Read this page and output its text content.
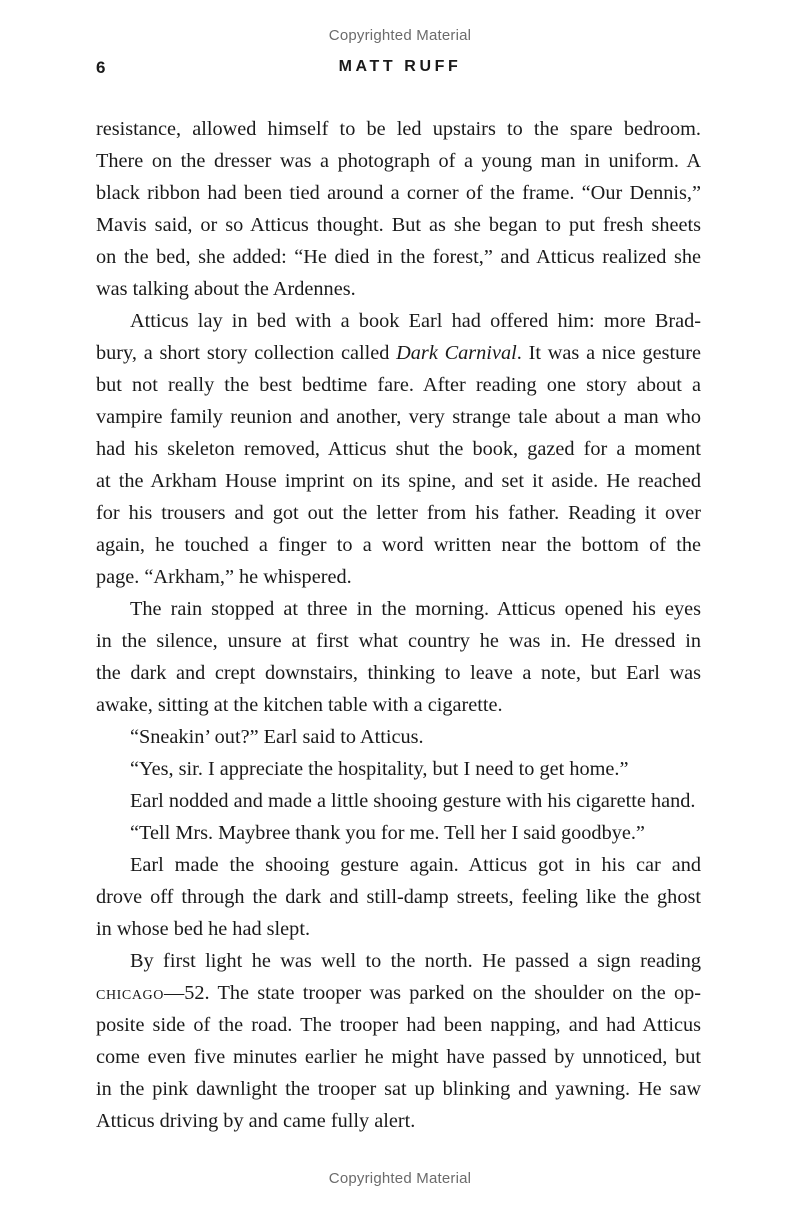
Copyrighted Material
6	MATT RUFF
resistance, allowed himself to be led upstairs to the spare bedroom.
There on the dresser was a photograph of a young man in uniform. A
black ribbon had been tied around a corner of the frame. “Our Dennis,”
Mavis said, or so Atticus thought. But as she began to put fresh sheets
on the bed, she added: “He died in the forest,” and Atticus realized she
was talking about the Ardennes.
Atticus lay in bed with a book Earl had offered him: more Brad-
bury, a short story collection called Dark Carnival. It was a nice gesture
but not really the best bedtime fare. After reading one story about a
vampire family reunion and another, very strange tale about a man who
had his skeleton removed, Atticus shut the book, gazed for a moment
at the Arkham House imprint on its spine, and set it aside. He reached
for his trousers and got out the letter from his father. Reading it over
again, he touched a finger to a word written near the bottom of the
page. “Arkham,” he whispered.
The rain stopped at three in the morning. Atticus opened his eyes
in the silence, unsure at first what country he was in. He dressed in
the dark and crept downstairs, thinking to leave a note, but Earl was
awake, sitting at the kitchen table with a cigarette.
“Sneakin’ out?” Earl said to Atticus.
“Yes, sir. I appreciate the hospitality, but I need to get home.”
Earl nodded and made a little shooing gesture with his cigarette hand.
“Tell Mrs. Maybree thank you for me. Tell her I said goodbye.”
Earl made the shooing gesture again. Atticus got in his car and
drove off through the dark and still-damp streets, feeling like the ghost
in whose bed he had slept.
By first light he was well to the north. He passed a sign reading
chicago—52. The state trooper was parked on the shoulder on the op-
posite side of the road. The trooper had been napping, and had Atticus
come even five minutes earlier he might have passed by unnoticed, but
in the pink dawnlight the trooper sat up blinking and yawning. He saw
Atticus driving by and came fully alert.
Copyrighted Material
